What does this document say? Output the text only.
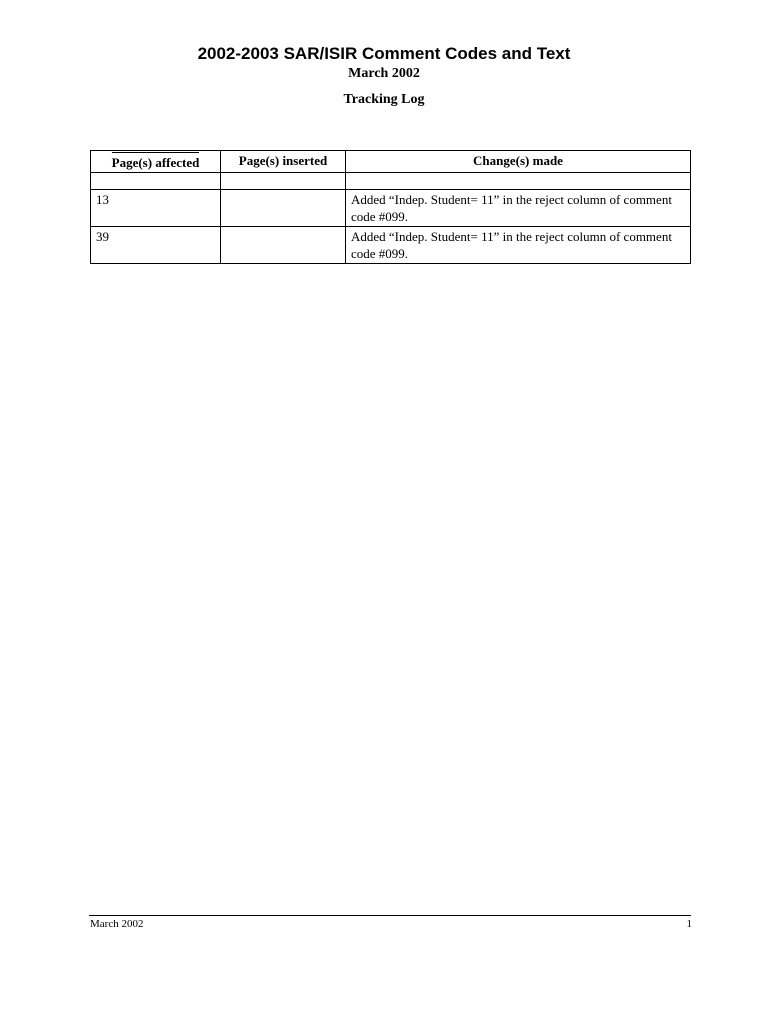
2002-2003 SAR/ISIR Comment Codes and Text
March 2002
Tracking Log
Page(s) affected	Page(s) inserted	Change(s) made

13		Added “Indep. Student= 11” in the reject column of comment code #099.
39		Added “Indep. Student= 11” in the reject column of comment code #099.
March 2002	1
